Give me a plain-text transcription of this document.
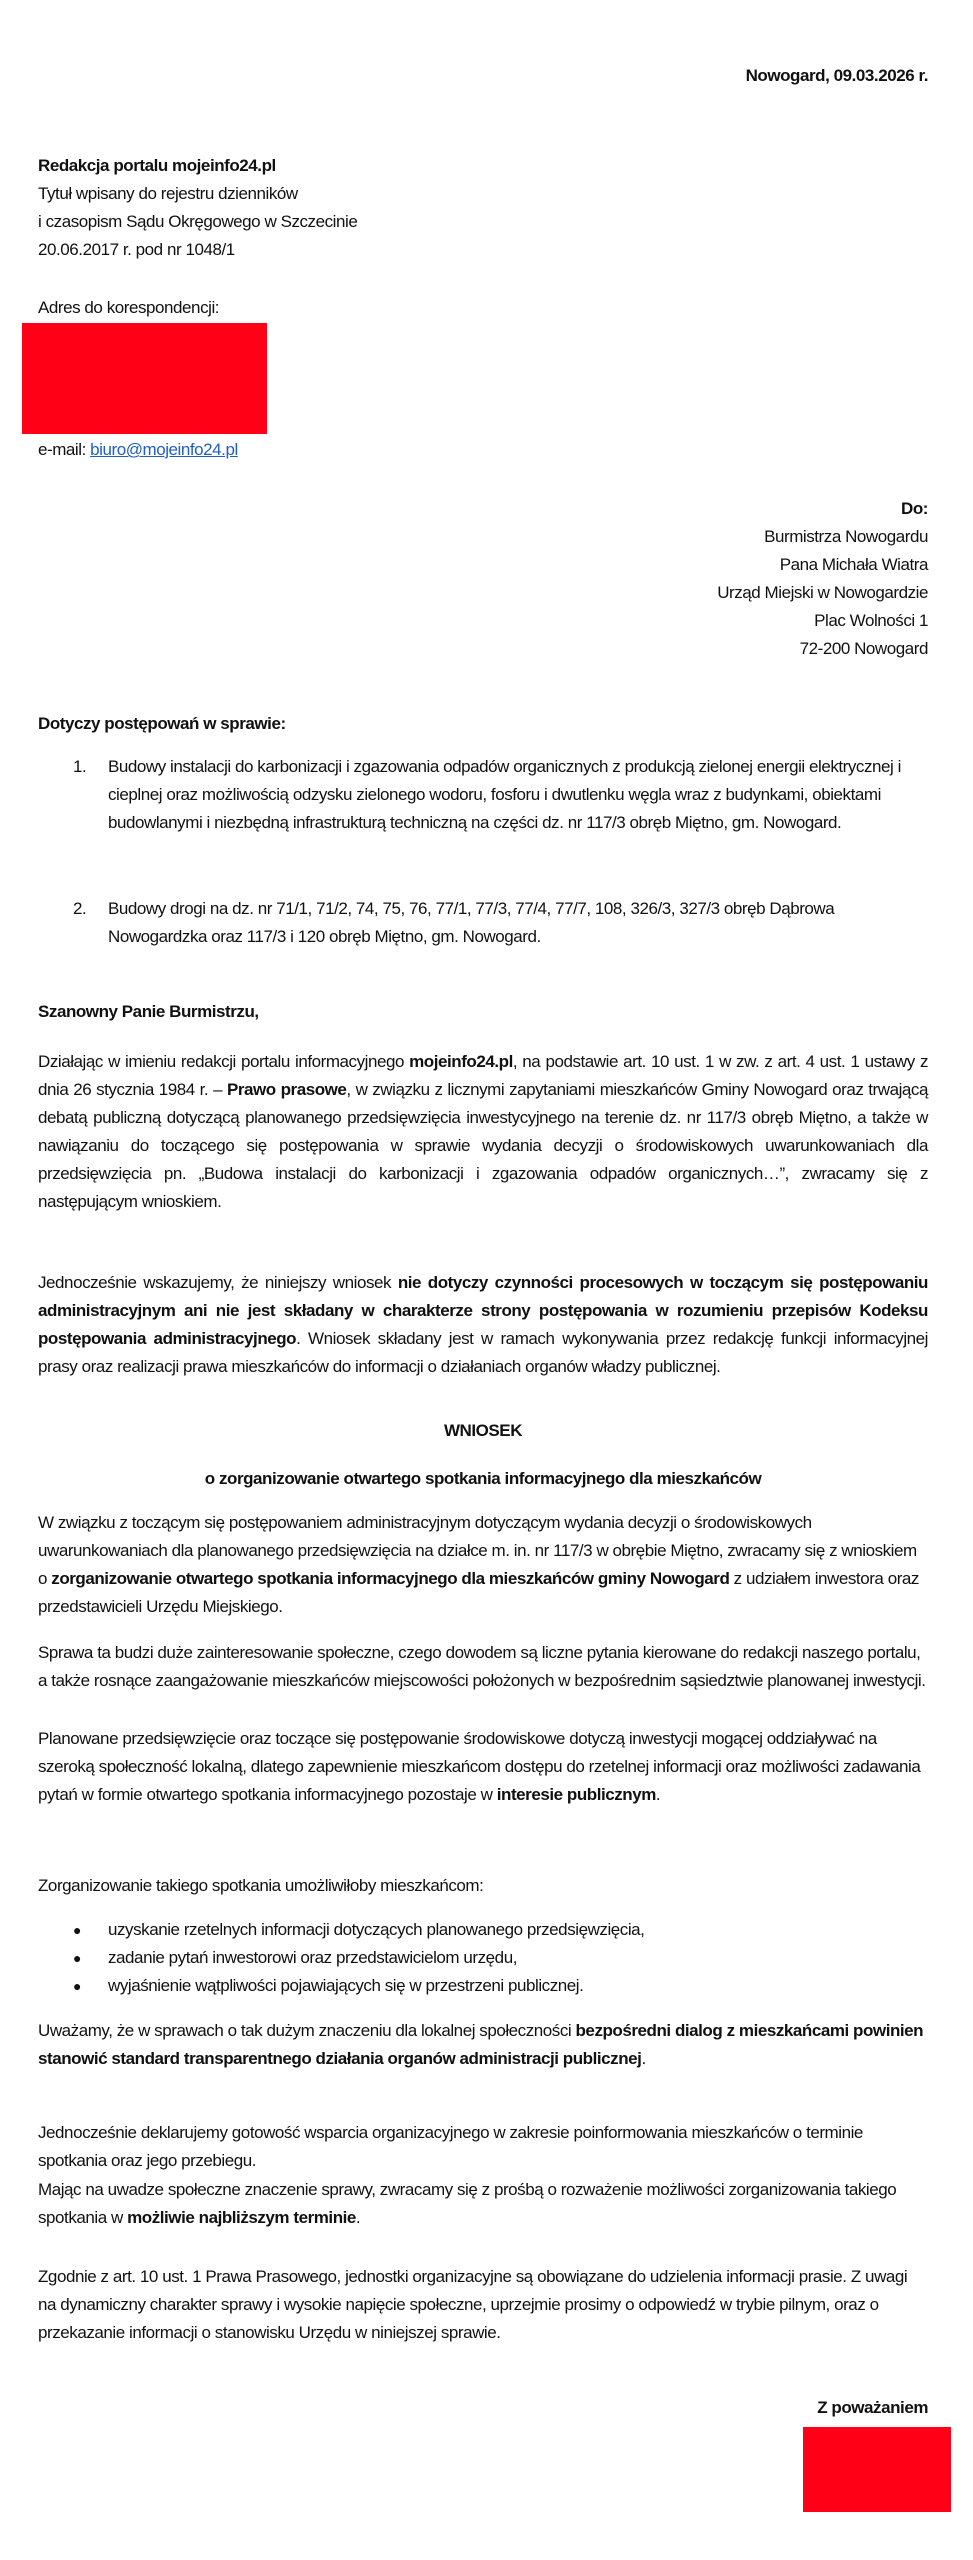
Nowogard, 09.03.2026 r.
Redakcja portalu mojeinfo24.pl
Tytuł wpisany do rejestru dzienników
i czasopism Sądu Okręgowego w Szczecinie
20.06.2017 r. pod nr 1048/1
Adres do korespondencji:
e-mail: biuro@mojeinfo24.pl
Do:
Burmistrza Nowogardu
Pana Michała Wiatra
Urząd Miejski w Nowogardzie
Plac Wolności 1
72-200 Nowogard
Dotyczy postępowań w sprawie:
1. Budowy instalacji do karbonizacji i zgazowania odpadów organicznych z produkcją zielonej energii elektrycznej i cieplnej oraz możliwością odzysku zielonego wodoru, fosforu i dwutlenku węgla wraz z budynkami, obiektami budowlanymi i niezbędną infrastrukturą techniczną na części dz. nr 117/3 obręb Miętno, gm. Nowogard.
2. Budowy drogi na dz. nr 71/1, 71/2, 74, 75, 76, 77/1, 77/3, 77/4, 77/7, 108, 326/3, 327/3 obręb Dąbrowa Nowogardzka oraz 117/3 i 120 obręb Miętno, gm. Nowogard.
Szanowny Panie Burmistrzu,
Działając w imieniu redakcji portalu informacyjnego mojeinfo24.pl, na podstawie art. 10 ust. 1 w zw. z art. 4 ust. 1 ustawy z dnia 26 stycznia 1984 r. – Prawo prasowe, w związku z licznymi zapytaniami mieszkańców Gminy Nowogard oraz trwającą debatą publiczną dotyczącą planowanego przedsięwzięcia inwestycyjnego na terenie dz. nr 117/3 obręb Miętno, a także w nawiązaniu do toczącego się postępowania w sprawie wydania decyzji o środowiskowych uwarunkowaniach dla przedsięwzięcia pn. „Budowa instalacji do karbonizacji i zgazowania odpadów organicznych…”, zwracamy się z następującym wnioskiem.
Jednocześnie wskazujemy, że niniejszy wniosek nie dotyczy czynności procesowych w toczącym się postępowaniu administracyjnym ani nie jest składany w charakterze strony postępowania w rozumieniu przepisów Kodeksu postępowania administracyjnego. Wniosek składany jest w ramach wykonywania przez redakcję funkcji informacyjnej prasy oraz realizacji prawa mieszkańców do informacji o działaniach organów władzy publicznej.
WNIOSEK
o zorganizowanie otwartego spotkania informacyjnego dla mieszkańców
W związku z toczącym się postępowaniem administracyjnym dotyczącym wydania decyzji o środowiskowych uwarunkowaniach dla planowanego przedsięwzięcia na działce m. in. nr 117/3 w obrębie Miętno, zwracamy się z wnioskiem o zorganizowanie otwartego spotkania informacyjnego dla mieszkańców gminy Nowogard z udziałem inwestora oraz przedstawicieli Urzędu Miejskiego.
Sprawa ta budzi duże zainteresowanie społeczne, czego dowodem są liczne pytania kierowane do redakcji naszego portalu, a także rosnące zaangażowanie mieszkańców miejscowości położonych w bezpośrednim sąsiedztwie planowanej inwestycji.
Planowane przedsięwzięcie oraz toczące się postępowanie środowiskowe dotyczą inwestycji mogącej oddziaływać na szeroką społeczność lokalną, dlatego zapewnienie mieszkańcom dostępu do rzetelnej informacji oraz możliwości zadawania pytań w formie otwartego spotkania informacyjnego pozostaje w interesie publicznym.
Zorganizowanie takiego spotkania umożliwiłoby mieszkańcom:
● uzyskanie rzetelnych informacji dotyczących planowanego przedsięwzięcia,
● zadanie pytań inwestorowi oraz przedstawicielom urzędu,
● wyjaśnienie wątpliwości pojawiających się w przestrzeni publicznej.
Uważamy, że w sprawach o tak dużym znaczeniu dla lokalnej społeczności bezpośredni dialog z mieszkańcami powinien stanowić standard transparentnego działania organów administracji publicznej.
Jednocześnie deklarujemy gotowość wsparcia organizacyjnego w zakresie poinformowania mieszkańców o terminie spotkania oraz jego przebiegu.
Mając na uwadze społeczne znaczenie sprawy, zwracamy się z prośbą o rozważenie możliwości zorganizowania takiego spotkania w możliwie najbliższym terminie.
Zgodnie z art. 10 ust. 1 Prawa Prasowego, jednostki organizacyjne są obowiązane do udzielenia informacji prasie. Z uwagi na dynamiczny charakter sprawy i wysokie napięcie społeczne, uprzejmie prosimy o odpowiedź w trybie pilnym, oraz o przekazanie informacji o stanowisku Urzędu w niniejszej sprawie.
Z poważaniem
